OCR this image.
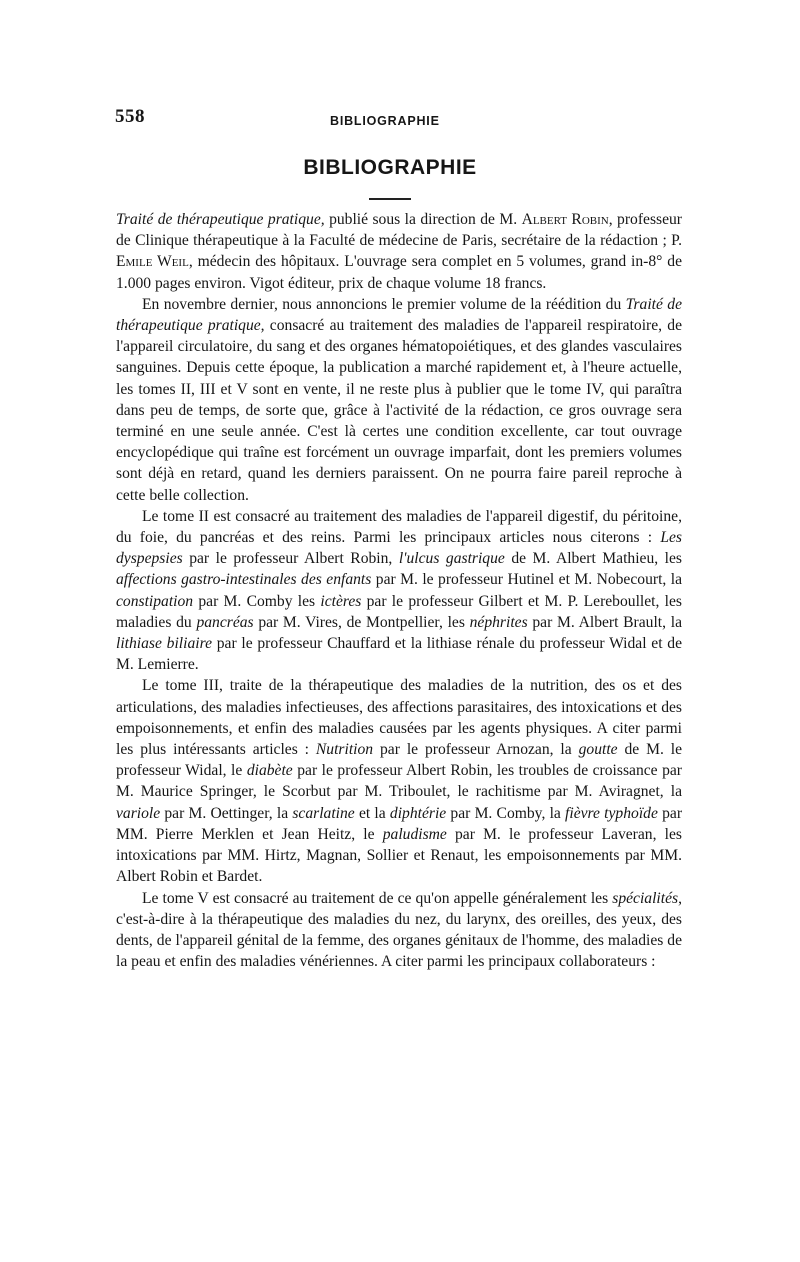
558	BIBLIOGRAPHIE
BIBLIOGRAPHIE

Traité de thérapeutique pratique, publié sous la direction de M. Albert Robin, professeur de Clinique thérapeutique à la Faculté de médecine de Paris, secrétaire de la rédaction ; P. Emile Weil, médecin des hôpitaux. L'ouvrage sera complet en 5 volumes, grand in-8° de 1.000 pages environ. Vigot éditeur, prix de chaque volume 18 francs.

En novembre dernier, nous annoncions le premier volume de la réédition du Traité de thérapeutique pratique, consacré au traitement des maladies de l'appareil respiratoire, de l'appareil circulatoire, du sang et des organes hématopoiétiques, et des glandes vasculaires sanguines. Depuis cette époque, la publication a marché rapidement et, à l'heure actuelle, les tomes II, III et V sont en vente, il ne reste plus à publier que le tome IV, qui paraîtra dans peu de temps, de sorte que, grâce à l'activité de la rédaction, ce gros ouvrage sera terminé en une seule année. C'est là certes une condition excellente, car tout ouvrage encyclopédique qui traîne est forcément un ouvrage imparfait, dont les premiers volumes sont déjà en retard, quand les derniers paraissent. On ne pourra faire pareil reproche à cette belle collection.

Le tome II est consacré au traitement des maladies de l'appareil digestif, du péritoine, du foie, du pancréas et des reins. Parmi les principaux articles nous citerons : Les dyspepsies par le professeur Albert Robin, l'ulcus gastrique de M. Albert Mathieu, les affections gastro-intestinales des enfants par M. le professeur Hutinel et M. Nobecourt, la constipation par M. Comby les ictères par le professeur Gilbert et M. P. Lereboullet, les maladies du pancréas par M. Vires, de Montpellier, les néphrites par M. Albert Brault, la lithiase biliaire par le professeur Chauffard et la lithiase rénale du professeur Widal et de M. Lemierre.

Le tome III, traite de la thérapeutique des maladies de la nutrition, des os et des articulations, des maladies infectieuses, des affections parasitaires, des intoxications et des empoisonnements, et enfin des maladies causées par les agents physiques. A citer parmi les plus intéressants articles : Nutrition par le professeur Arnozan, la goutte de M. le professeur Widal, le diabète par le professeur Albert Robin, les troubles de croissance par M. Maurice Springer, le Scorbut par M. Triboulet, le rachitisme par M. Aviragnet, la variole par M. Oettinger, la scarlatine et la diphtérie par M. Comby, la fièvre typhoïde par MM. Pierre Merklen et Jean Heitz, le paludisme par M. le professeur Laveran, les intoxications par MM. Hirtz, Magnan, Sollier et Renaut, les empoisonnements par MM. Albert Robin et Bardet.

Le tome V est consacré au traitement de ce qu'on appelle généralement les spécialités, c'est-à-dire à la thérapeutique des maladies du nez, du larynx, des oreilles, des yeux, des dents, de l'appareil génital de la femme, des organes génitaux de l'homme, des maladies de la peau et enfin des maladies vénériennes. A citer parmi les principaux collaborateurs :
